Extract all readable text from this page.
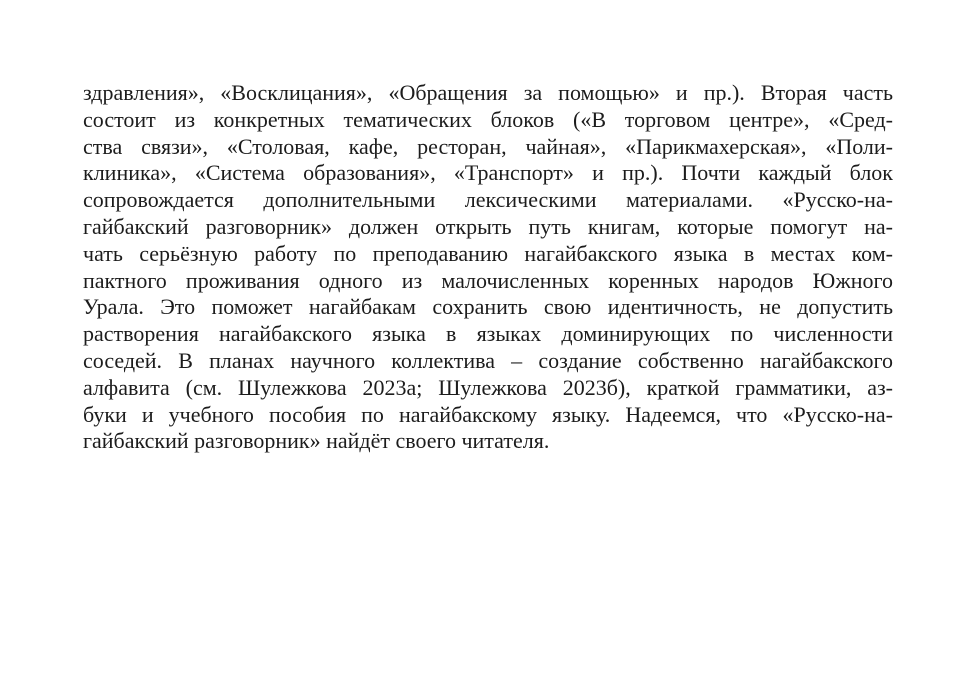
здравления», «Восклицания», «Обращения за помощью» и пр.). Вторая часть
состоит из конкретных тематических блоков («В торговом центре», «Сред-
ства связи», «Столовая, кафе, ресторан, чайная», «Парикмахерская», «Поли-
клиника», «Система образования», «Транспорт» и пр.). Почти каждый блок
сопровождается дополнительными лексическими материалами. «Русско-на-
гайбакский разговорник» должен открыть путь книгам, которые помогут на-
чать серьёзную работу по преподаванию нагайбакского языка в местах ком-
пактного проживания одного из малочисленных коренных народов Южного
Урала. Это поможет нагайбакам сохранить свою идентичность, не допустить
растворения нагайбакского языка в языках доминирующих по численности
соседей. В планах научного коллектива – создание собственно нагайбакского
алфавита (см. Шулежкова 2023а; Шулежкова 2023б), краткой грамматики, аз-
буки и учебного пособия по нагайбакскому языку. Надеемся, что «Русско-на-
гайбакский разговорник» найдёт своего читателя.
